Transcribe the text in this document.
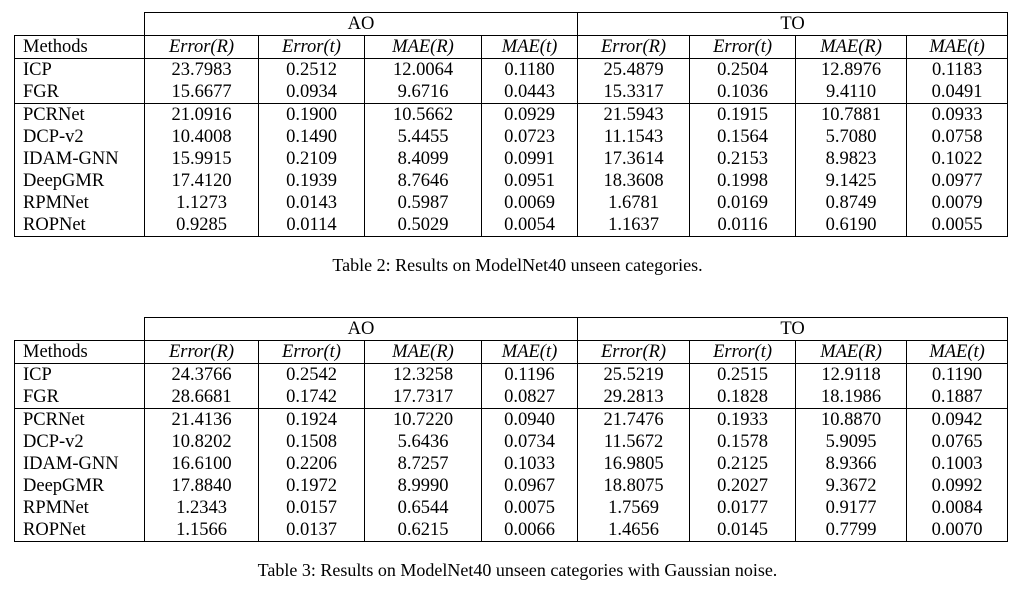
	AO				TO			
Methods	Error(R)	Error(t)	MAE(R)	MAE(t)	Error(R)	Error(t)	MAE(R)	MAE(t)
ICP	23.7983	0.2512	12.0064	0.1180	25.4879	0.2504	12.8976	0.1183
FGR	15.6677	0.0934	9.6716	0.0443	15.3317	0.1036	9.4110	0.0491
PCRNet	21.0916	0.1900	10.5662	0.0929	21.5943	0.1915	10.7881	0.0933
DCP-v2	10.4008	0.1490	5.4455	0.0723	11.1543	0.1564	5.7080	0.0758
IDAM-GNN	15.9915	0.2109	8.4099	0.0991	17.3614	0.2153	8.9823	0.1022
DeepGMR	17.4120	0.1939	8.7646	0.0951	18.3608	0.1998	9.1425	0.0977
RPMNet	1.1273	0.0143	0.5987	0.0069	1.6781	0.0169	0.8749	0.0079
ROPNet	0.9285	0.0114	0.5029	0.0054	1.1637	0.0116	0.6190	0.0055
Table 2: Results on ModelNet40 unseen categories.
	AO				TO			
Methods	Error(R)	Error(t)	MAE(R)	MAE(t)	Error(R)	Error(t)	MAE(R)	MAE(t)
ICP	24.3766	0.2542	12.3258	0.1196	25.5219	0.2515	12.9118	0.1190
FGR	28.6681	0.1742	17.7317	0.0827	29.2813	0.1828	18.1986	0.1887
PCRNet	21.4136	0.1924	10.7220	0.0940	21.7476	0.1933	10.8870	0.0942
DCP-v2	10.8202	0.1508	5.6436	0.0734	11.5672	0.1578	5.9095	0.0765
IDAM-GNN	16.6100	0.2206	8.7257	0.1033	16.9805	0.2125	8.9366	0.1003
DeepGMR	17.8840	0.1972	8.9990	0.0967	18.8075	0.2027	9.3672	0.0992
RPMNet	1.2343	0.0157	0.6544	0.0075	1.7569	0.0177	0.9177	0.0084
ROPNet	1.1566	0.0137	0.6215	0.0066	1.4656	0.0145	0.7799	0.0070
Table 3: Results on ModelNet40 unseen categories with Gaussian noise.
